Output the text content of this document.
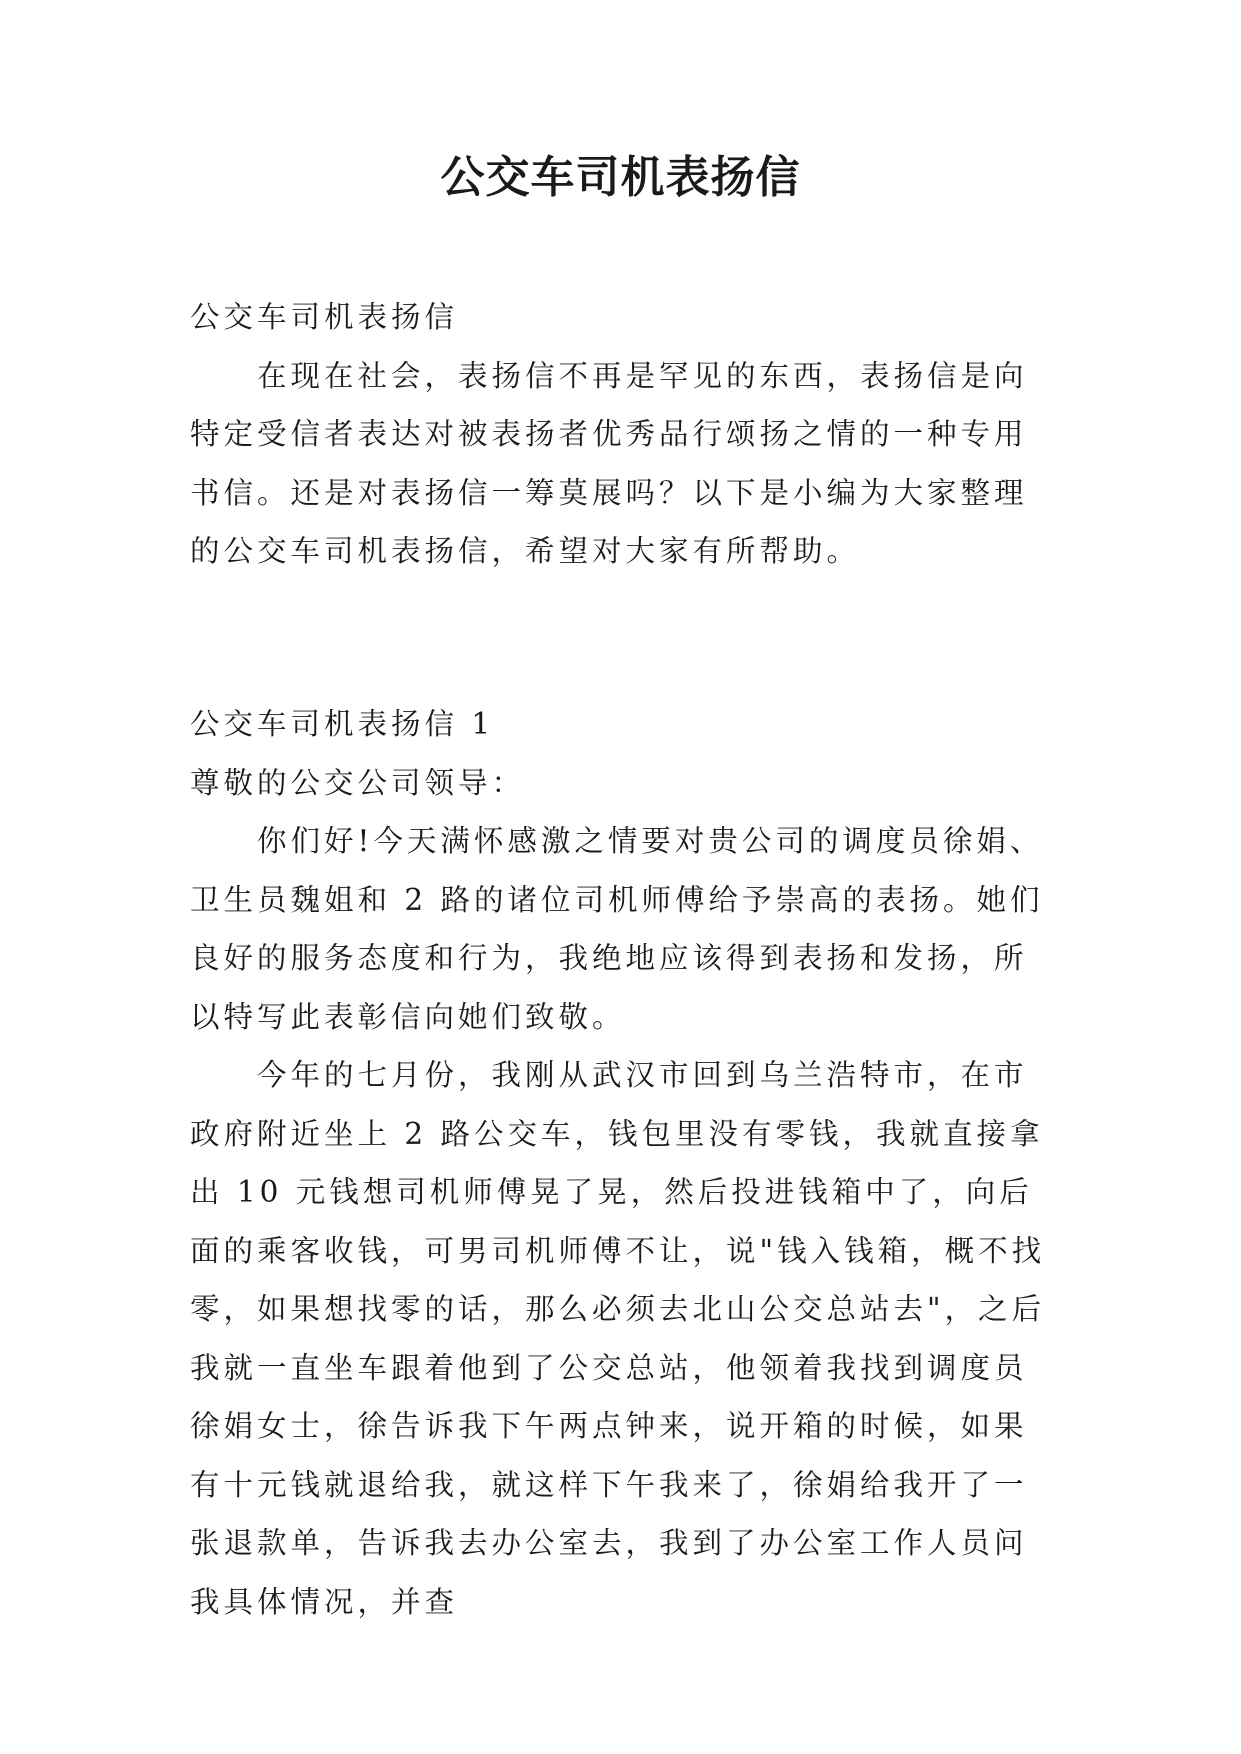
公交车司机表扬信

公交车司机表扬信

在现在社会，表扬信不再是罕见的东西，表扬信是向特定受信者表达对被表扬者优秀品行颂扬之情的一种专用书信。还是对表扬信一筹莫展吗？以下是小编为大家整理的公交车司机表扬信，希望对大家有所帮助。

公交车司机表扬信 1

尊敬的公交公司领导：

你们好!今天满怀感激之情要对贵公司的调度员徐娟、卫生员魏姐和 2 路的诸位司机师傅给予崇高的表扬。她们良好的服务态度和行为，我绝地应该得到表扬和发扬，所以特写此表彰信向她们致敬。

今年的七月份，我刚从武汉市回到乌兰浩特市，在市政府附近坐上 2 路公交车，钱包里没有零钱，我就直接拿出 10 元钱想司机师傅晃了晃，然后投进钱箱中了，向后面的乘客收钱，可男司机师傅不让，说"钱入钱箱，概不找零，如果想找零的话，那么必须去北山公交总站去"，之后我就一直坐车跟着他到了公交总站，他领着我找到调度员徐娟女士，徐告诉我下午两点钟来，说开箱的时候，如果有十元钱就退给我，就这样下午我来了，徐娟给我开了一张退款单，告诉我去办公室去，我到了办公室工作人员问我具体情况，并查
